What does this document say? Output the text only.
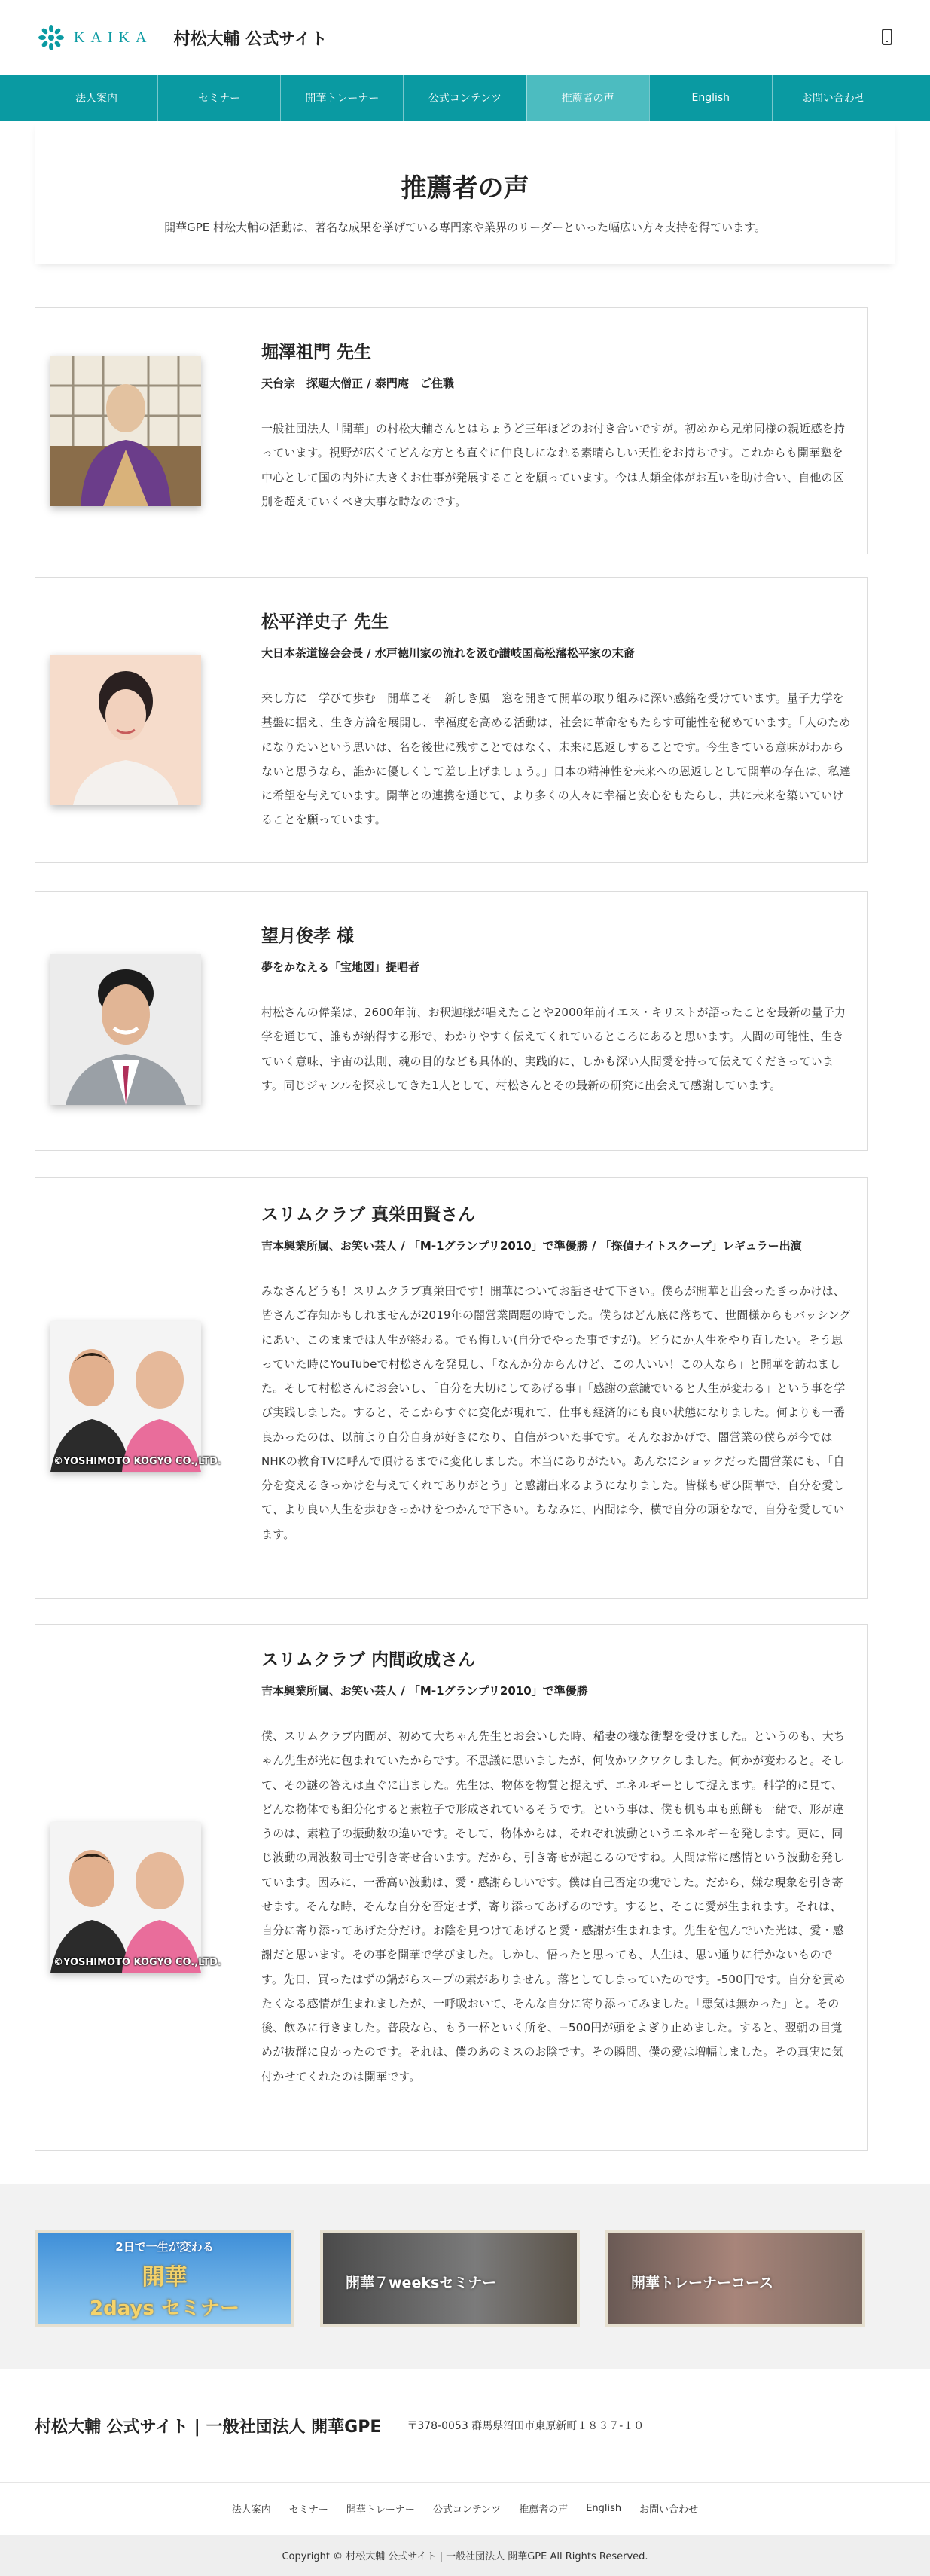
KAIKA 村松大輔 公式サイト
法人案内	セミナー	開華トレーナー	公式コンテンツ	推薦者の声	English	お問い合わせ
推薦者の声

開華GPE 村松大輔の活動は、著名な成果を挙げている専門家や業界のリーダーといった幅広い方々支持を得ています。

堀澤祖門 先生
天台宗　探題大僧正 / 泰門庵　ご住職

一般社団法人「開華」の村松大輔さんとはちょうど三年ほどのお付き合いですが。初めから兄弟同様の親近感を持っています。視野が広くてどんな方とも直ぐに仲良しになれる素晴らしい天性をお持ちです。これからも開華塾を中心として国の内外に大きくお仕事が発展することを願っています。今は人類全体がお互いを助け合い、自他の区別を超えていくべき大事な時なのです。

松平洋史子 先生
大日本茶道協会会長 / 水戸徳川家の流れを汲む讃岐国高松藩松平家の末裔

来し方に　学びて歩む　開華こそ　新しき風　窓を開きて開華の取り組みに深い感銘を受けています。量子力学を基盤に据え、生き方論を展開し、幸福度を高める活動は、社会に革命をもたらす可能性を秘めています。「人のためになりたいという思いは、名を後世に残すことではなく、未来に恩返しすることです。今生きている意味がわからないと思うなら、誰かに優しくして差し上げましょう。」日本の精神性を未来への恩返しとして開華の存在は、私達に希望を与えています。開華との連携を通じて、より多くの人々に幸福と安心をもたらし、共に未来を築いていけることを願っています。

望月俊孝 様
夢をかなえる「宝地図」提唱者

村松さんの偉業は、2600年前、お釈迦様が唱えたことや2000年前イエス・キリストが語ったことを最新の量子力学を通じて、誰もが納得する形で、わかりやすく伝えてくれているところにあると思います。人間の可能性、生きていく意味、宇宙の法則、魂の目的なども具体的、実践的に、しかも深い人間愛を持って伝えてくださっています。同じジャンルを探求してきた1人として、村松さんとその最新の研究に出会えて感謝しています。

©YOSHIMOTO KOGYO CO.,LTD.
スリムクラブ 真栄田賢さん
吉本興業所属、お笑い芸人 / 「M-1グランプリ2010」で準優勝 / 「探偵ナイトスクープ」レギュラー出演

みなさんどうも！スリムクラブ真栄田です！開華についてお話させて下さい。僕らが開華と出会ったきっかけは、皆さんご存知かもしれませんが2019年の闇営業問題の時でした。僕らはどん底に落ちて、世間様からもバッシングにあい、このままでは人生が終わる。でも悔しい(自分でやった事ですが)。どうにか人生をやり直したい。そう思っていた時にYouTubeで村松さんを発見し、「なんか分からんけど、この人いい！この人なら」と開華を訪ねました。そして村松さんにお会いし、「自分を大切にしてあげる事」「感謝の意識でいると人生が変わる」という事を学び実践しました。すると、そこからすぐに変化が現れて、仕事も経済的にも良い状態になりました。何よりも一番良かったのは、以前より自分自身が好きになり、自信がついた事です。そんなおかげで、闇営業の僕らが今ではNHKの教育TVに呼んで頂けるまでに変化しました。本当にありがたい。あんなにショックだった闇営業にも、「自分を変えるきっかけを与えてくれてありがとう」と感謝出来るようになりました。皆様もぜひ開華で、自分を愛して、より良い人生を歩むきっかけをつかんで下さい。ちなみに、内間は今、横で自分の頭をなで、自分を愛しています。

©YOSHIMOTO KOGYO CO.,LTD.
スリムクラブ 内間政成さん
吉本興業所属、お笑い芸人 / 「M-1グランプリ2010」で準優勝

僕、スリムクラブ内間が、初めて大ちゃん先生とお会いした時、稲妻の様な衝撃を受けました。というのも、大ちゃん先生が光に包まれていたからです。不思議に思いましたが、何故かワクワクしました。何かが変わると。そして、その謎の答えは直ぐに出ました。先生は、物体を物質と捉えず、エネルギーとして捉えます。科学的に見て、どんな物体でも細分化すると素粒子で形成されているそうです。という事は、僕も机も車も煎餅も一緒で、形が違うのは、素粒子の振動数の違いです。そして、物体からは、それぞれ波動というエネルギーを発します。更に、同じ波動の周波数同士で引き寄せ合います。だから、引き寄せが起こるのですね。人間は常に感情という波動を発しています。因みに、一番高い波動は、愛・感謝らしいです。僕は自己否定の塊でした。だから、嫌な現象を引き寄せます。そんな時、そんな自分を否定せず、寄り添ってあげるのです。すると、そこに愛が生まれます。それは、自分に寄り添ってあげた分だけ。お陰を見つけてあげると愛・感謝が生まれます。先生を包んでいた光は、愛・感謝だと思います。その事を開華で学びました。しかし、悟ったと思っても、人生は、思い通りに行かないものです。先日、買ったはずの鍋がらスープの素がありません。落としてしまっていたのです。-500円です。自分を責めたくなる感情が生まれましたが、一呼吸おいて、そんな自分に寄り添ってみました。「悪気は無かった」と。その後、飲みに行きました。普段なら、もう一杯といく所を、−500円が頭をよぎり止めました。すると、翌朝の目覚めが抜群に良かったのです。それは、僕のあのミスのお陰です。その瞬間、僕の愛は増幅しました。その真実に気付かせてくれたのは開華です。

2日で一生が変わる
開華
2days セミナー
開華７weeksセミナー	開華トレーナーコース
村松大輔 公式サイト | 一般社団法人 開華GPE 〒378-0053 群馬県沼田市東原新町１８３７-１０
法人案内 セミナー 開華トレーナー 公式コンテンツ 推薦者の声 English お問い合わせ
Copyright © 村松大輔 公式サイト | 一般社団法人 開華GPE All Rights Reserved.
